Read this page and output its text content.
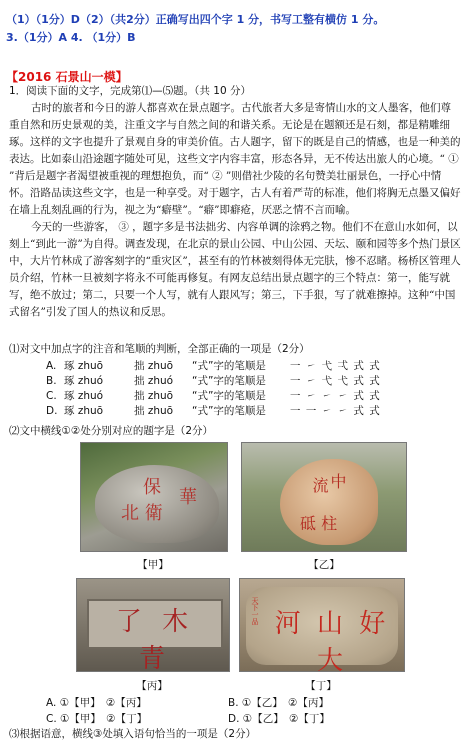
（1）（1分）D（2）（共2分）正确写出四个字 1 分，书写工整有横仿 1 分。
3.（1分）A 4. （1分）B
【2016 石景山一模】
1．阅读下面的文字，完成第⑴—⑸题。（共 10 分）

古时的旅者和今日的游人都喜欢在景点题字。古代旅者大多是寄情山水的文人墨客，他们尊重自然和历史景观的美，注重文字与自然之间的和谐关系。无论是在题额还是石刻，都是精雕细琢。这样的文字也提升了景观自身的审美价值。古人题字，留下的既是自己的情感，也是一种美的表达。比如泰山沿途题字随处可见，这些文字内容丰富，形态各异，无不传达出旅人的心境。“ ① ”背后是题字者渴望被重视的理想抱负，而“ ② ”则借社少陵的名句赞美壮丽景色，一抒心中情怀。沿路品读这些文字，也是一种享受。对于题字，古人有着严苛的标准，他们将胸无点墨又偏好在墙上乱刻乱画的行为，视之为“癖壁”。“癖”即癖疮，厌恶之情不言而喻。

今天的一些游客， ③ ，题字多是书法拙劣、内容单调的涂鸦之物。他们不在意山水如何，以刻上“到此一游”为自得。调查发现，在北京的景山公园、中山公园、天坛、颐和园等多个热门景区中，大片竹林成了游客刻字的“重灾区”，甚至有的竹林被刻得体无完肤，惨不忍睹。杨桥区管理人员介绍，竹林一旦被刻字将永不可能再修复。有网友总结出景点题字的三个特点：第一，能写就写，绝不放过；第二，只要一个人写，就有人跟风写；第三，下手狠，写了就难擦掉。这种“中国式留名”引发了国人的热议和反思。

⑴对文中加点字的注音和笔顺的判断，全部正确的一项是（2分）
A. 琢 zhuō	拙 zhuō “式”字的笔顺是 一 ㇀ 弋 弌 式 式
B. 琢 zhuó	拙 zhuó “式”字的笔顺是 一 ㇀ 弋 弋 式 式
C. 琢 zhuó	拙 zhuō “式”字的笔顺是 一 ㇀ ㇀ ㇀ 式 式
D. 琢 zhuō	拙 zhuō “式”字的笔顺是 一 一 ㇀ ㇀ 式 式
⑵文中横线①②处分别对应的题字是（2分）
保
北 衛
華
【甲】
中
流
砥 柱
【乙】
了 木 青
【丙】
河 山 好 大
天下一品
【丁】
A. ①【甲】　②【丙】	B. ①【乙】　②【丙】
C. ①【甲】　②【丁】	D. ①【乙】　②【丁】
⑶根据语意，横线③处填入语句恰当的一项是（2分）
